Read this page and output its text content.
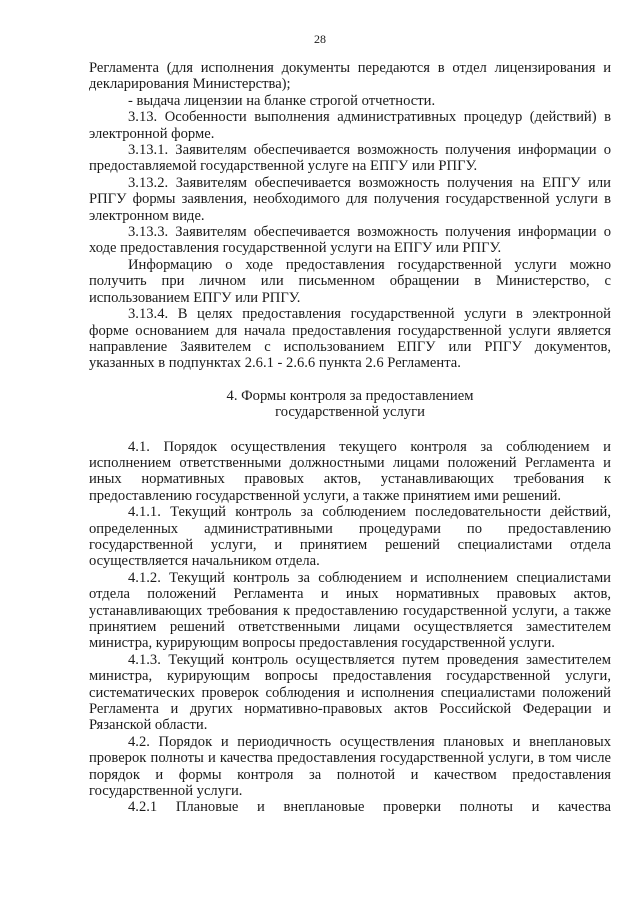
28

Регламента (для исполнения документы передаются в отдел лицензирования и декларирования Министерства);

- выдача лицензии на бланке строгой отчетности.

3.13. Особенности выполнения административных процедур (действий) в электронной форме.

3.13.1. Заявителям обеспечивается возможность получения информации о предоставляемой государственной услуге на ЕПГУ или РПГУ.

3.13.2. Заявителям обеспечивается возможность получения на ЕПГУ или РПГУ формы заявления, необходимого для получения государственной услуги в электронном виде.

3.13.3. Заявителям обеспечивается возможность получения информации о ходе предоставления государственной услуги на ЕПГУ или РПГУ.

Информацию о ходе предоставления государственной услуги можно получить при личном или письменном обращении в Министерство, с использованием ЕПГУ или РПГУ.

3.13.4. В целях предоставления государственной услуги в электронной форме основанием для начала предоставления государственной услуги является направление Заявителем с использованием ЕПГУ или РПГУ документов, указанных в подпунктах 2.6.1 - 2.6.6 пункта 2.6 Регламента.

4. Формы контроля за предоставлением
государственной услуги

4.1. Порядок осуществления текущего контроля за соблюдением и исполнением ответственными должностными лицами положений Регламента и иных нормативных правовых актов, устанавливающих требования к предоставлению государственной услуги, а также принятием ими решений.

4.1.1. Текущий контроль за соблюдением последовательности действий, определенных административными процедурами по предоставлению государственной услуги, и принятием решений специалистами отдела осуществляется начальником отдела.

4.1.2. Текущий контроль за соблюдением и исполнением специалистами отдела положений Регламента и иных нормативных правовых актов, устанавливающих требования к предоставлению государственной услуги, а также принятием решений ответственными лицами осуществляется заместителем министра, курирующим вопросы предоставления государственной услуги.

4.1.3. Текущий контроль осуществляется путем проведения заместителем министра, курирующим вопросы предоставления государственной услуги, систематических проверок соблюдения и исполнения специалистами положений Регламента и других нормативно-правовых актов Российской Федерации и Рязанской области.

4.2. Порядок и периодичность осуществления плановых и внеплановых проверок полноты и качества предоставления государственной услуги, в том числе порядок и формы контроля за полнотой и качеством предоставления государственной услуги.

4.2.1 Плановые и внеплановые проверки полноты и качества
